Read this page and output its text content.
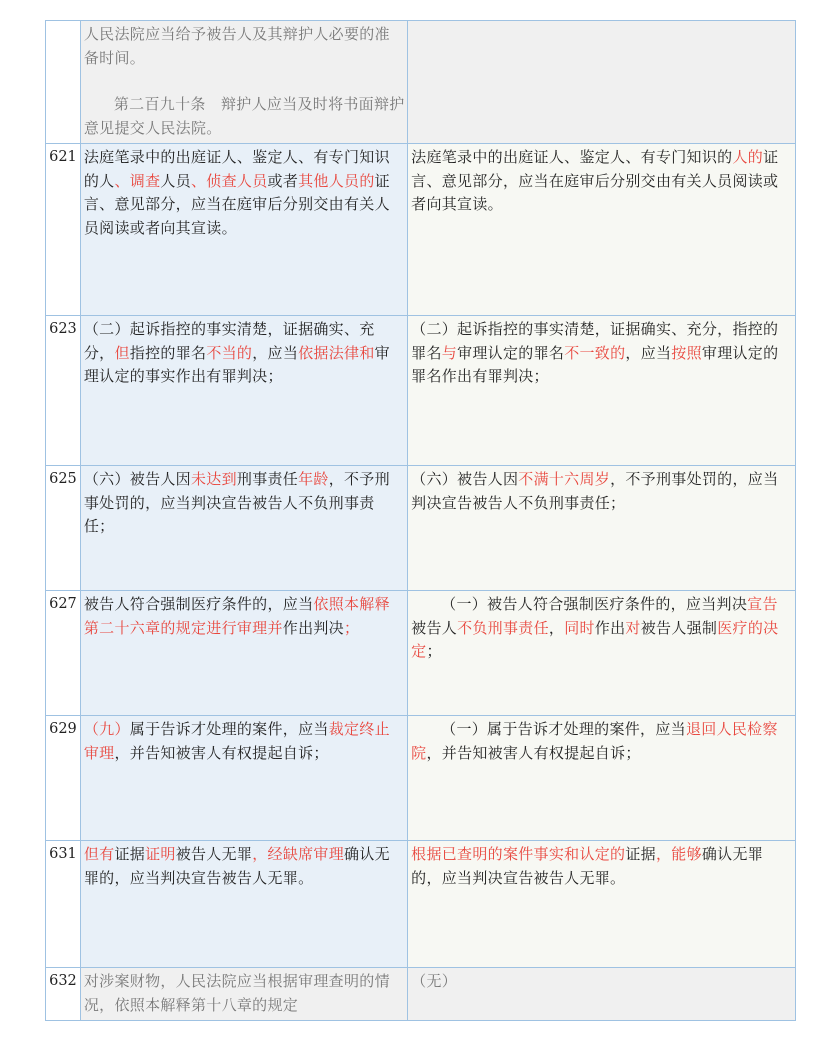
	人民法院应当给予被告人及其辩护人必要的准备时间。
第二百九十条　辩护人应当及时将书面辩护意见提交人民法院。	

621	法庭笔录中的出庭证人、鉴定人、有专门知识的人、调查人员、侦查人员或者其他人员的证言、意见部分，应当在庭审后分别交由有关人员阅读或者向其宣读。	法庭笔录中的出庭证人、鉴定人、有专门知识的人的证言、意见部分，应当在庭审后分别交由有关人员阅读或者向其宣读。
623	（二）起诉指控的事实清楚，证据确实、充分，但指控的罪名不当的，应当依据法律和审理认定的事实作出有罪判决；	（二）起诉指控的事实清楚，证据确实、充分，指控的罪名与审理认定的罪名不一致的，应当按照审理认定的罪名作出有罪判决；
625	（六）被告人因未达到刑事责任年龄，不予刑事处罚的，应当判决宣告被告人不负刑事责任；	（六）被告人因不满十六周岁，不予刑事处罚的，应当判决宣告被告人不负刑事责任；
627	被告人符合强制医疗条件的，应当依照本解释第二十六章的规定进行审理并作出判决；	（一）被告人符合强制医疗条件的，应当判决宣告被告人不负刑事责任，同时作出对被告人强制医疗的决定；
629	（九）属于告诉才处理的案件，应当裁定终止审理，并告知被害人有权提起自诉；	（一）属于告诉才处理的案件，应当退回人民检察院，并告知被害人有权提起自诉；
631	但有证据证明被告人无罪，经缺席审理确认无罪的，应当判决宣告被告人无罪。	根据已查明的案件事实和认定的证据，能够确认无罪的，应当判决宣告被告人无罪。
632	对涉案财物，人民法院应当根据审理查明的情况，依照本解释第十八章的规定	（无）
